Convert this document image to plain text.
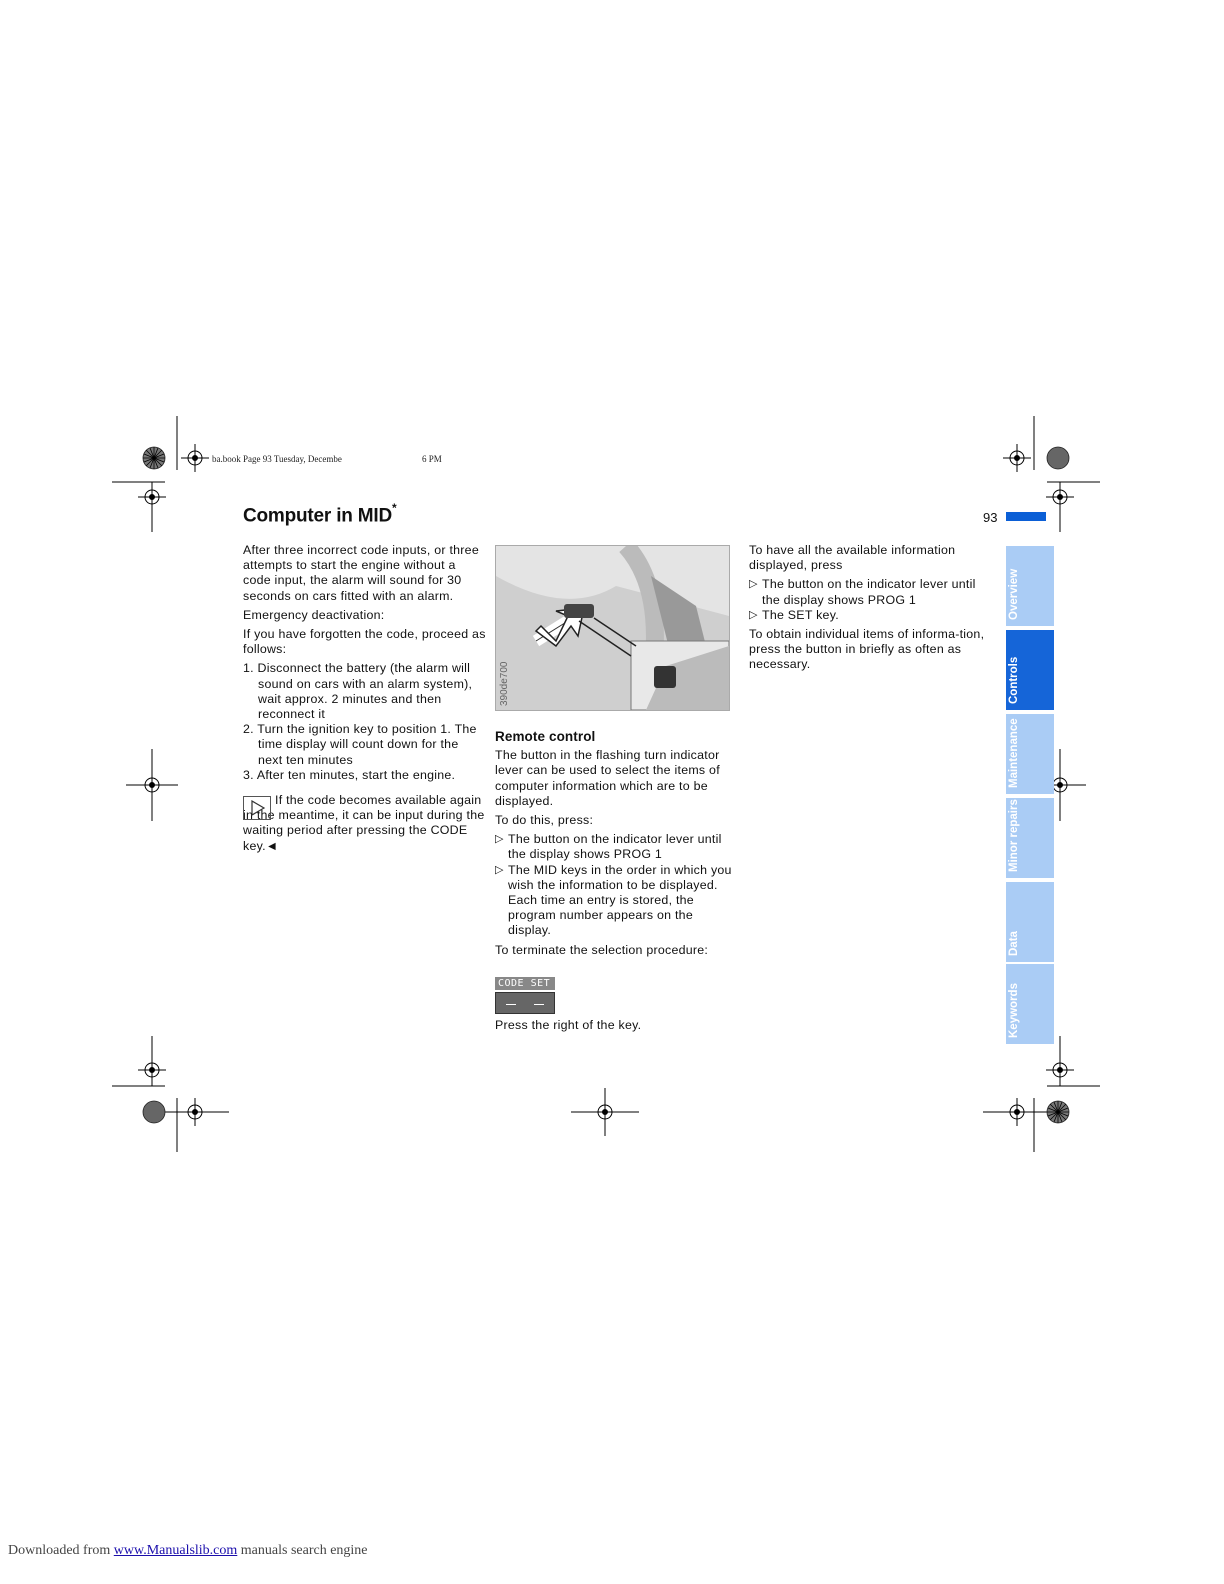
ba.book Page 93 Tuesday, Decembe	6 PM
Computer in MID*
93

After three incorrect code inputs, or three attempts to start the engine without a code input, the alarm will sound for 30 seconds on cars fitted with an alarm.

Emergency deactivation:

If you have forgotten the code, proceed as follows:

1. Disconnect the battery (the alarm will sound on cars with an alarm system), wait approx. 2 minutes and then reconnect it
2. Turn the ignition key to position 1. The time display will count down for the next ten minutes
3. After ten minutes, start the engine.

If the code becomes available again in the meantime, it can be input during the waiting period after pressing the CODE key.◄

390de700

Remote control

The button in the flashing turn indicator lever can be used to select the items of computer information which are to be displayed.

To do this, press:

▷ The button on the indicator lever until the display shows PROG 1
▷ The MID keys in the order in which you wish the information to be displayed.
Each time an entry is stored, the program number appears on the display.

To terminate the selection procedure:

CODE SET

Press the right of the key.

To have all the available information displayed, press

▷ The button on the indicator lever until the display shows PROG 1
▷ The SET key.

To obtain individual items of informa-tion, press the button in briefly as often as necessary.

Overview
Controls
Maintenance
Minor repairs
Data
Keywords
Downloaded from www.Manualslib.com manuals search engine
